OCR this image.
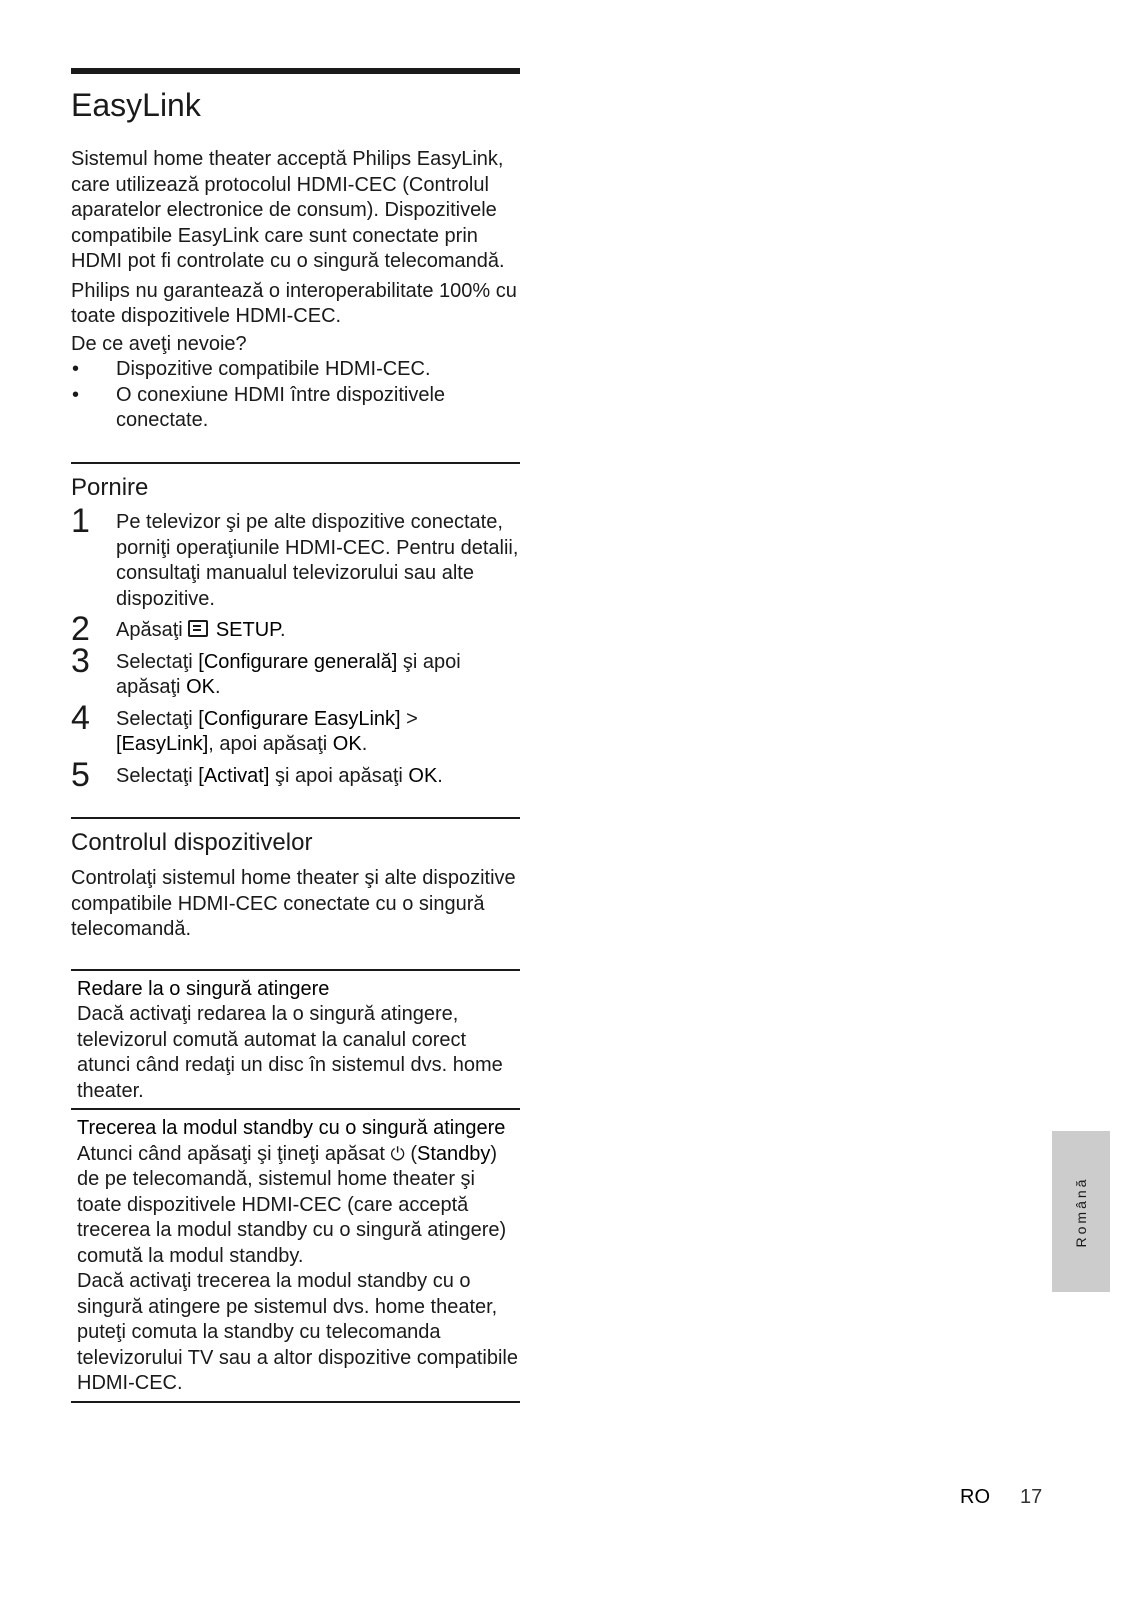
EasyLink

Sistemul home theater acceptă Philips EasyLink, care utilizează protocolul HDMI-CEC (Controlul aparatelor electronice de consum). Dispozitivele compatibile EasyLink care sunt conectate prin HDMI pot fi controlate cu o singură telecomandă.

Philips nu garantează o interoperabilitate 100% cu toate dispozitivele HDMI-CEC.

De ce aveţi nevoie?
• Dispozitive compatibile HDMI-CEC.
• O conexiune HDMI între dispozitivele conectate.
Pornire
1 Pe televizor şi pe alte dispozitive conectate, porniţi operaţiunile HDMI-CEC. Pentru detalii, consultaţi manualul televizorului sau alte dispozitive.
2 Apăsaţi  SETUP.
3 Selectaţi [Configurare generală] şi apoi apăsaţi OK.
4 Selectaţi [Configurare EasyLink] > [EasyLink], apoi apăsaţi OK.
5 Selectaţi [Activat] şi apoi apăsaţi OK.
Controlul dispozitivelor

Controlaţi sistemul home theater şi alte dispozitive compatibile HDMI-CEC conectate cu o singură telecomandă.

Redare la o singură atingere

Dacă activaţi redarea la o singură atingere, televizorul comută automat la canalul corect atunci când redaţi un disc în sistemul dvs. home theater.

Trecerea la modul standby cu o singură atingere

Atunci când apăsaţi şi ţineţi apăsat ⏻ (Standby) de pe telecomandă, sistemul home theater şi toate dispozitivele HDMI-CEC (care acceptă trecerea la modul standby cu o singură atingere) comută la modul standby.

Dacă activaţi trecerea la modul standby cu o singură atingere pe sistemul dvs. home theater, puteţi comuta la standby cu telecomanda televizorului TV sau a altor dispozitive compatibile HDMI-CEC.

Română
RO 17
